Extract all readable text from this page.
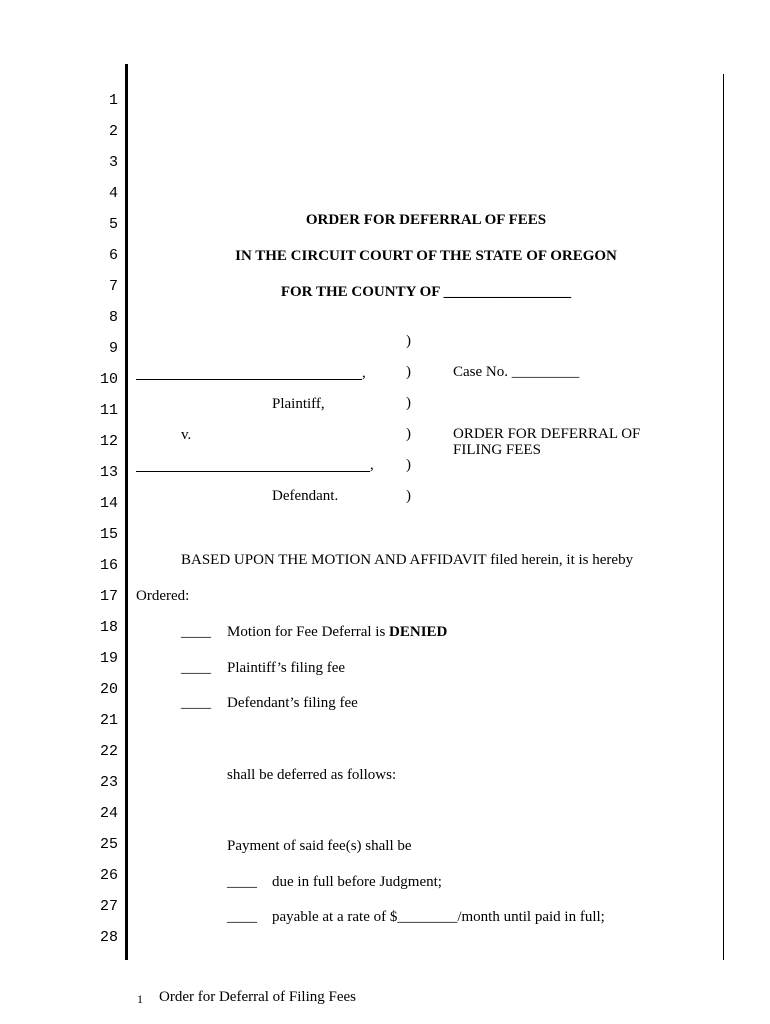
1
2
3
4
5
6
7
8
9
10
11
12
13
14
15
16
17
18
19
20
21
22
23
24
25
26
27
28
ORDER FOR DEFERRAL OF FEES
IN THE CIRCUIT COURT OF THE STATE OF OREGON
FOR THE COUNTY OF _________________
)
)
)
)
)
)
,
Plaintiff,
v.
,
Defendant.
Case No. _________
ORDER FOR DEFERRAL OF
FILING FEES
BASED UPON THE MOTION AND AFFIDAVIT filed herein, it is hereby
Ordered:
____ Motion for Fee Deferral is DENIED
____ Plaintiff’s filing fee
____ Defendant’s filing fee
shall be deferred as follows:
Payment of said fee(s) shall be
____ due in full before Judgment;
____ payable at a rate of $________/month until paid in full;
1 Order for Deferral of Filing Fees
